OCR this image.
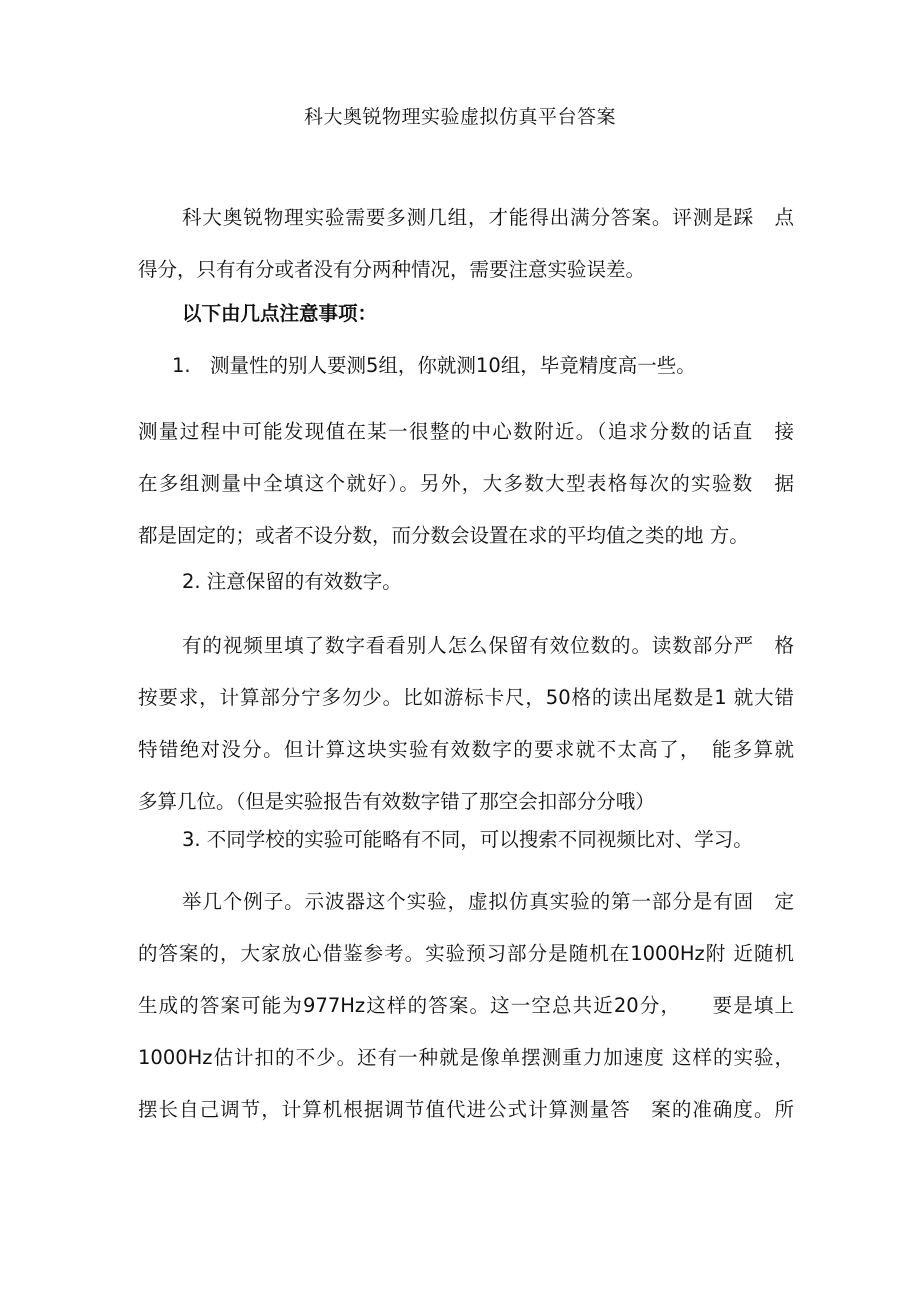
科大奥锐物理实验虚拟仿真平台答案
科大奥锐物理实验需要多测几组，才能得出满分答案。评测是踩　点
得分，只有有分或者没有分两种情况，需要注意实验误差。
以下由几点注意事项：
1. 测量性的别人要测5组，你就测10组，毕竟精度高一些。
测量过程中可能发现值在某一很整的中心数附近。（追求分数的话直　接
在多组测量中全填这个就好）。另外，大多数大型表格每次的实验数　据
都是固定的；或者不设分数，而分数会设置在求的平均值之类的地 方。
2. 注意保留的有效数字。
有的视频里填了数字看看别人怎么保留有效位数的。读数部分严　格
按要求，计算部分宁多勿少。比如游标卡尺，50格的读出尾数是1 就大错
特错绝对没分。但计算这块实验有效数字的要求就不太高了，　能多算就
多算几位。（但是实验报告有效数字错了那空会扣部分分哦）
3. 不同学校的实验可能略有不同，可以搜索不同视频比对、学习。
举几个例子。示波器这个实验，虚拟仿真实验的第一部分是有固　定
的答案的，大家放心借鉴参考。实验预习部分是随机在1000Hz附 近随机
生成的答案可能为977Hz这样的答案。这一空总共近20分，　　要是填上
1000Hz估计扣的不少。还有一种就是像单摆测重力加速度 这样的实验，
摆长自己调节，计算机根据调节值代进公式计算测量答　案的准确度。所
